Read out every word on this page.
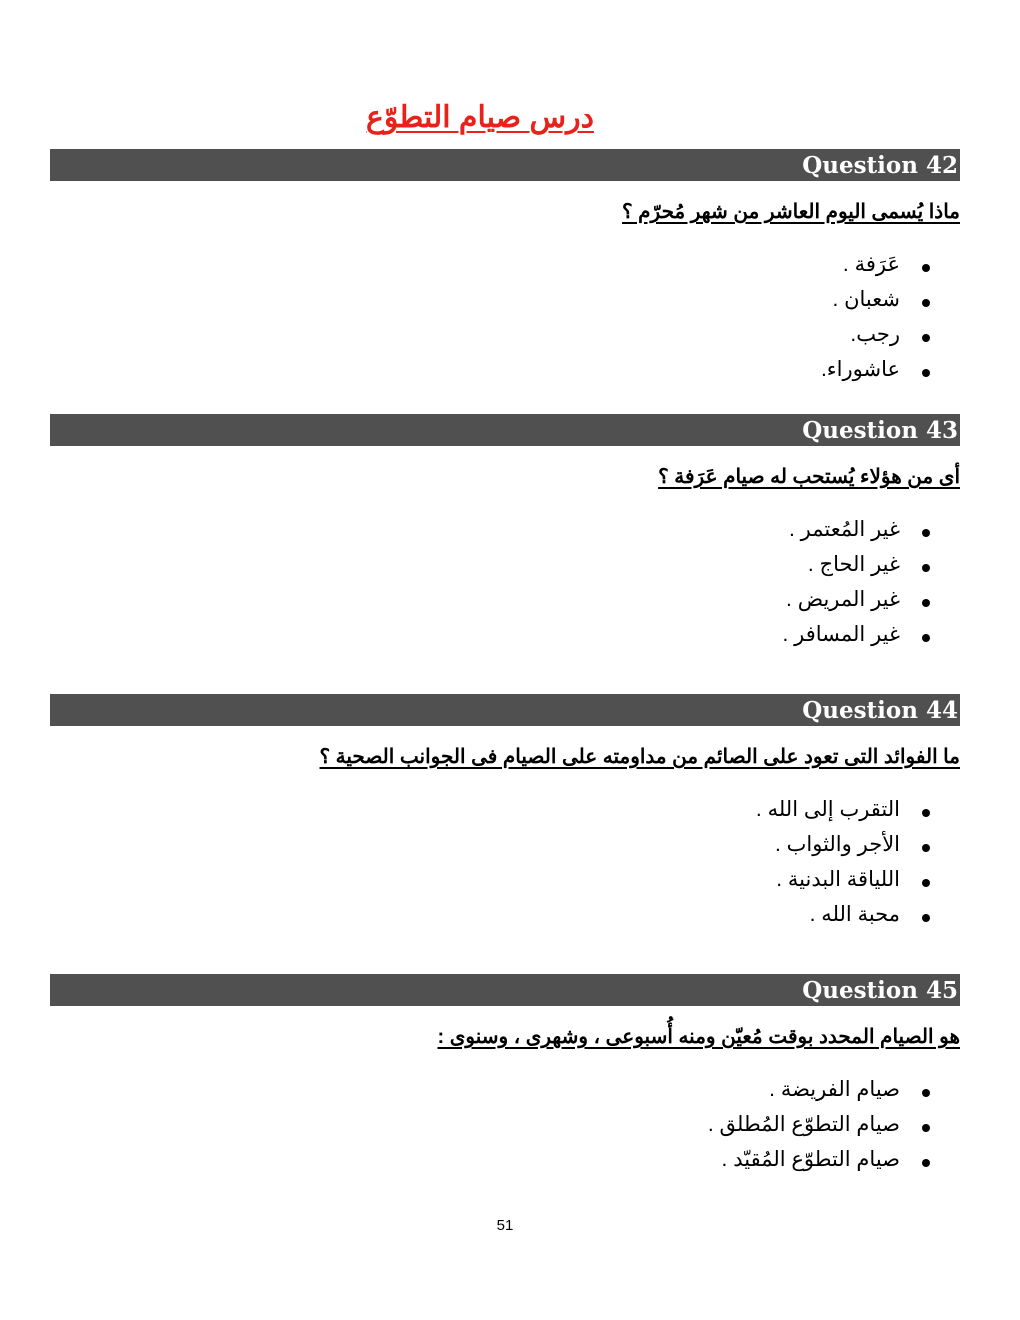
درس صيام التطوّع
Question 42
ماذا يُسمى اليوم العاشر من شهر مُحرّم ؟
عَرَفة .
شعبان .
رجب.
عاشوراء.
Question 43
أى من هؤلاء يُستحب له صيام عَرَفة ؟
غير المُعتمر .
غير الحاج .
غير المريض .
غير المسافر .
Question 44
ما الفوائد التى تعود على الصائم من مداومته على الصيام فى الجوانب الصحية ؟
التقرب إلى الله .
الأجر والثواب .
اللياقة البدنية .
محبة الله .
Question 45
هو الصيام المحدد بوقت مُعيّن ومنه أُسبوعى ، وشهرى ، وسنوى :
صيام الفريضة .
صيام التطوّع المُطلق .
صيام التطوّع المُقيّد .
51
